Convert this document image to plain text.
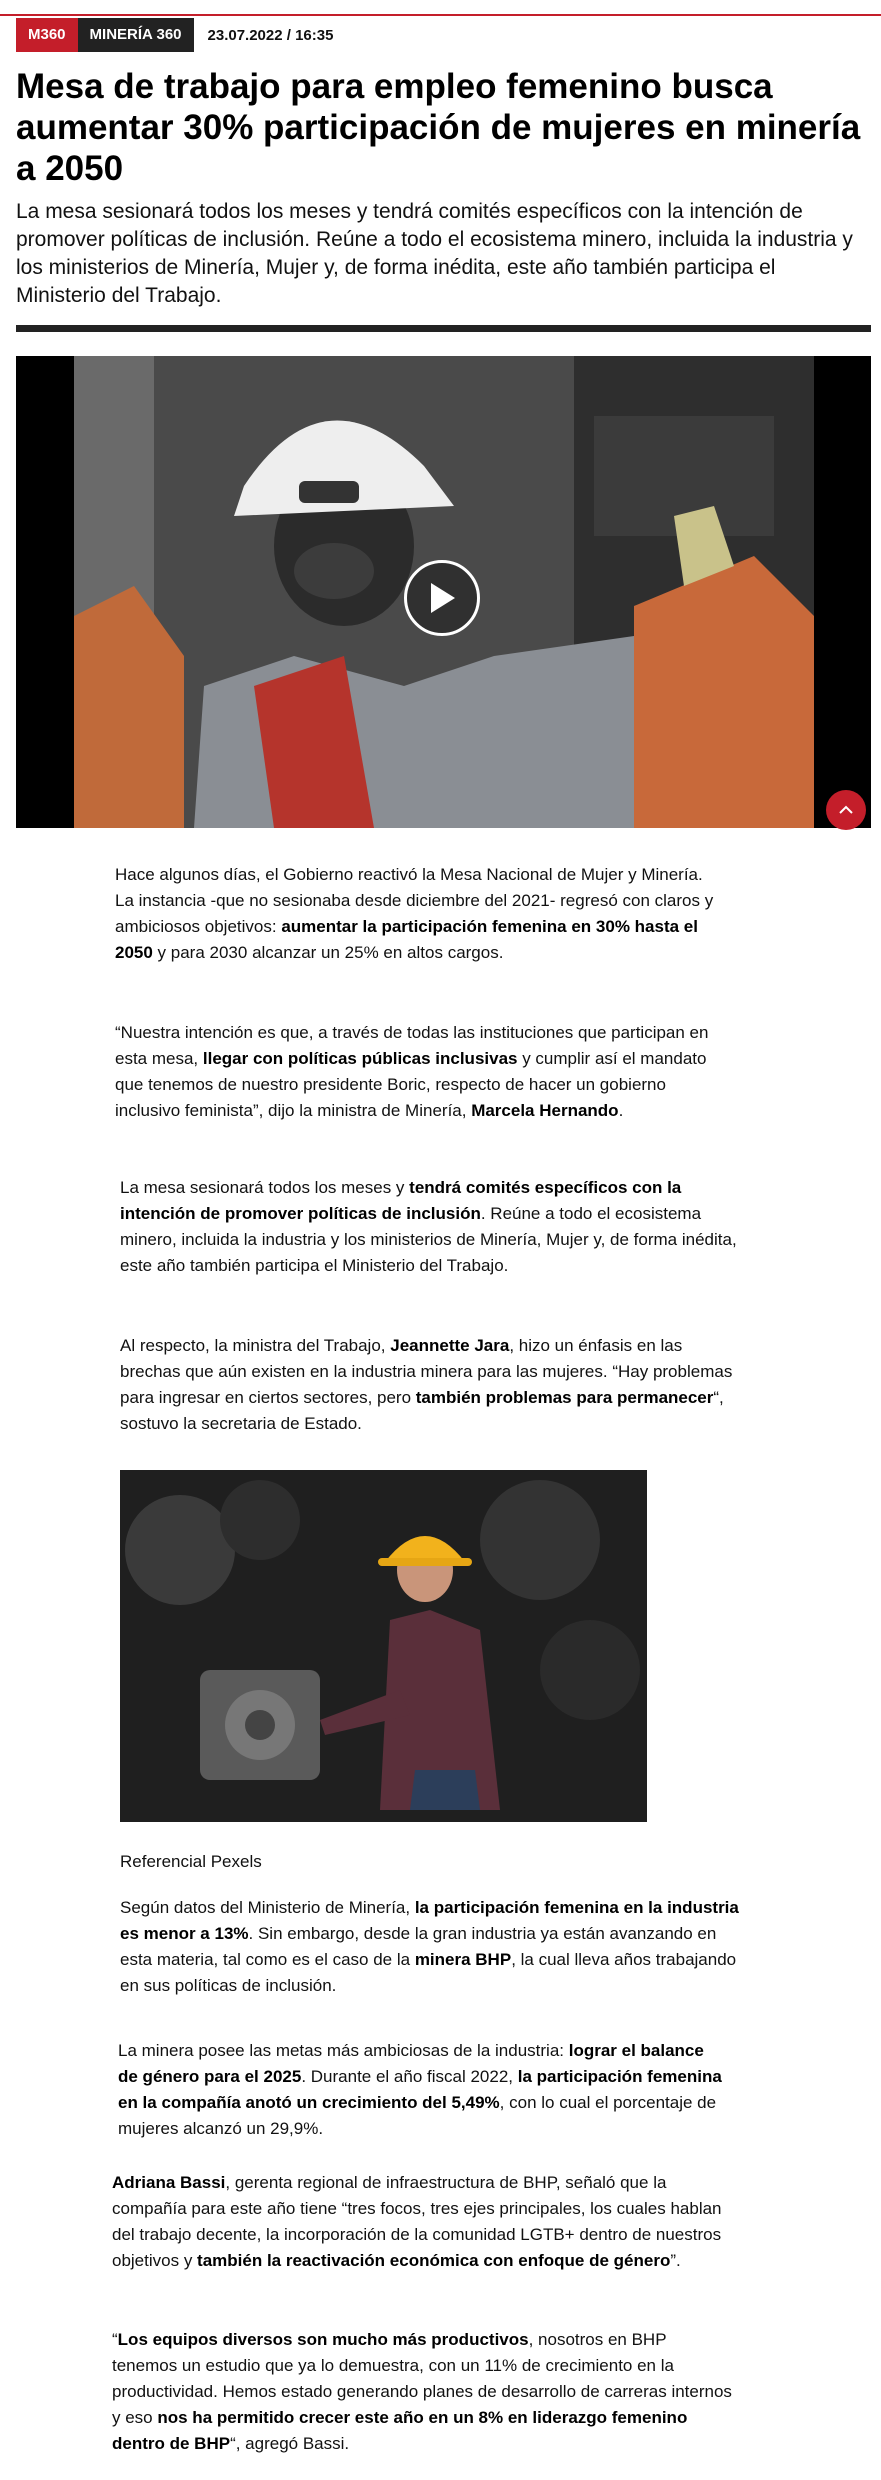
M360	MINERÍA 360	23.07.2022 / 16:35
Mesa de trabajo para empleo femenino busca aumentar 30% participación de mujeres en minería a 2050

La mesa sesionará todos los meses y tendrá comités específicos con la intención de promover políticas de inclusión. Reúne a todo el ecosistema minero, incluida la industria y los ministerios de Minería, Mujer y, de forma inédita, este año también participa el Ministerio del Trabajo.

Hace algunos días, el Gobierno reactivó la Mesa Nacional de Mujer y Minería. La instancia -que no sesionaba desde diciembre del 2021- regresó con claros y ambiciosos objetivos: aumentar la participación femenina en 30% hasta el 2050 y para 2030 alcanzar un 25% en altos cargos.

“Nuestra intención es que, a través de todas las instituciones que participan en esta mesa, llegar con políticas públicas inclusivas y cumplir así el mandato que tenemos de nuestro presidente Boric, respecto de hacer un gobierno inclusivo feminista”, dijo la ministra de Minería, Marcela Hernando.

La mesa sesionará todos los meses y tendrá comités específicos con la intención de promover políticas de inclusión. Reúne a todo el ecosistema minero, incluida la industria y los ministerios de Minería, Mujer y, de forma inédita, este año también participa el Ministerio del Trabajo.

Al respecto, la ministra del Trabajo, Jeannette Jara, hizo un énfasis en las brechas que aún existen en la industria minera para las mujeres. “Hay problemas para ingresar en ciertos sectores, pero también problemas para permanecer“, sostuvo la secretaria de Estado.

Referencial Pexels

Según datos del Ministerio de Minería, la participación femenina en la industria es menor a 13%. Sin embargo, desde la gran industria ya están avanzando en esta materia, tal como es el caso de la minera BHP, la cual lleva años trabajando en sus políticas de inclusión.

La minera posee las metas más ambiciosas de la industria: lograr el balance de género para el 2025. Durante el año fiscal 2022, la participación femenina en la compañía anotó un crecimiento del 5,49%, con lo cual el porcentaje de mujeres alcanzó un 29,9%.

Adriana Bassi, gerenta regional de infraestructura de BHP, señaló que la compañía para este año tiene “tres focos, tres ejes principales, los cuales hablan del trabajo decente, la incorporación de la comunidad LGTB+ dentro de nuestros objetivos y también la reactivación económica con enfoque de género”.

“Los equipos diversos son mucho más productivos, nosotros en BHP tenemos un estudio que ya lo demuestra, con un 11% de crecimiento en la productividad. Hemos estado generando planes de desarrollo de carreras internos y eso nos ha permitido crecer este año en un 8% en liderazgo femenino dentro de BHP“, agregó Bassi.
